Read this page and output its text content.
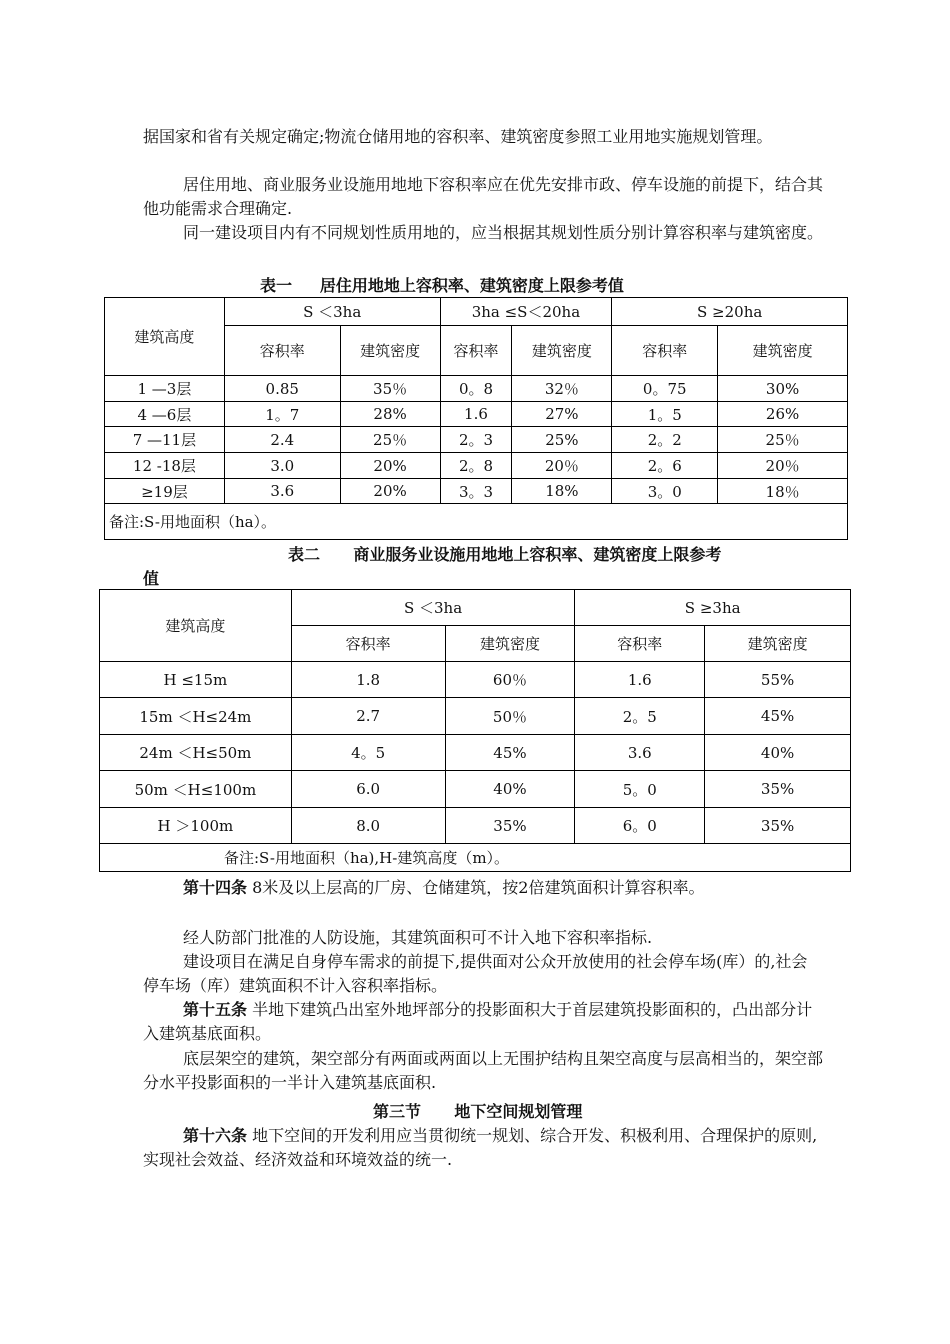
据国家和省有关规定确定;物流仓储用地的容积率、建筑密度参照工业用地实施规划管理。

居住用地、商业服务业设施用地地下容积率应在优先安排市政、停车设施的前提下，结合其他功能需求合理确定.

同一建设项目内有不同规划性质用地的，应当根据其规划性质分别计算容积率与建筑密度。

表一     居住用地地上容积率、建筑密度上限参考值
建筑高度	S ＜3ha		3ha ≤S＜20ha		S ≥20ha	
	容积率	建筑密度	容积率	建筑密度	容积率	建筑密度
1 —3层	0.85	35％	0。8	32％	0。75	30%
4 —6层	1。7	28%	1.6	27%	1。5	26%
7 —11层	2.4	25％	2。3	25%	2。2	25％
12 -18层	3.0	20%	2。8	20％	2。6	20％
≥19层	3.6	20%	3。3	18%	3。0	18％
备注:S-用地面积（ha）。						
表二      商业服务业设施用地地上容积率、建筑密度上限参考
值
建筑高度	S ＜3ha		S ≥3ha	
	容积率	建筑密度	容积率	建筑密度
H ≤15m	1.8	60％	1.6	55%
15m ＜H≤24m	2.7	50％	2。5	45%
24m ＜H≤50m	4。5	45%	3.6	40%
50m ＜H≤100m	6.0	40%	5。0	35%
H ＞100m	8.0	35%	6。0	35%
备注:S-用地面积（ha),H-建筑高度（m）。				

第十四条 8米及以上层高的厂房、仓储建筑，按2倍建筑面积计算容积率。

经人防部门批准的人防设施，其建筑面积可不计入地下容积率指标.

建设项目在满足自身停车需求的前提下,提供面对公众开放使用的社会停车场(库）的,社会停车场（库）建筑面积不计入容积率指标。

第十五条 半地下建筑凸出室外地坪部分的投影面积大于首层建筑投影面积的，凸出部分计入建筑基底面积。

底层架空的建筑，架空部分有两面或两面以上无围护结构且架空高度与层高相当的，架空部分水平投影面积的一半计入建筑基底面积.

第三节      地下空间规划管理

第十六条 地下空间的开发利用应当贯彻统一规划、综合开发、积极利用、合理保护的原则,实现社会效益、经济效益和环境效益的统一.
